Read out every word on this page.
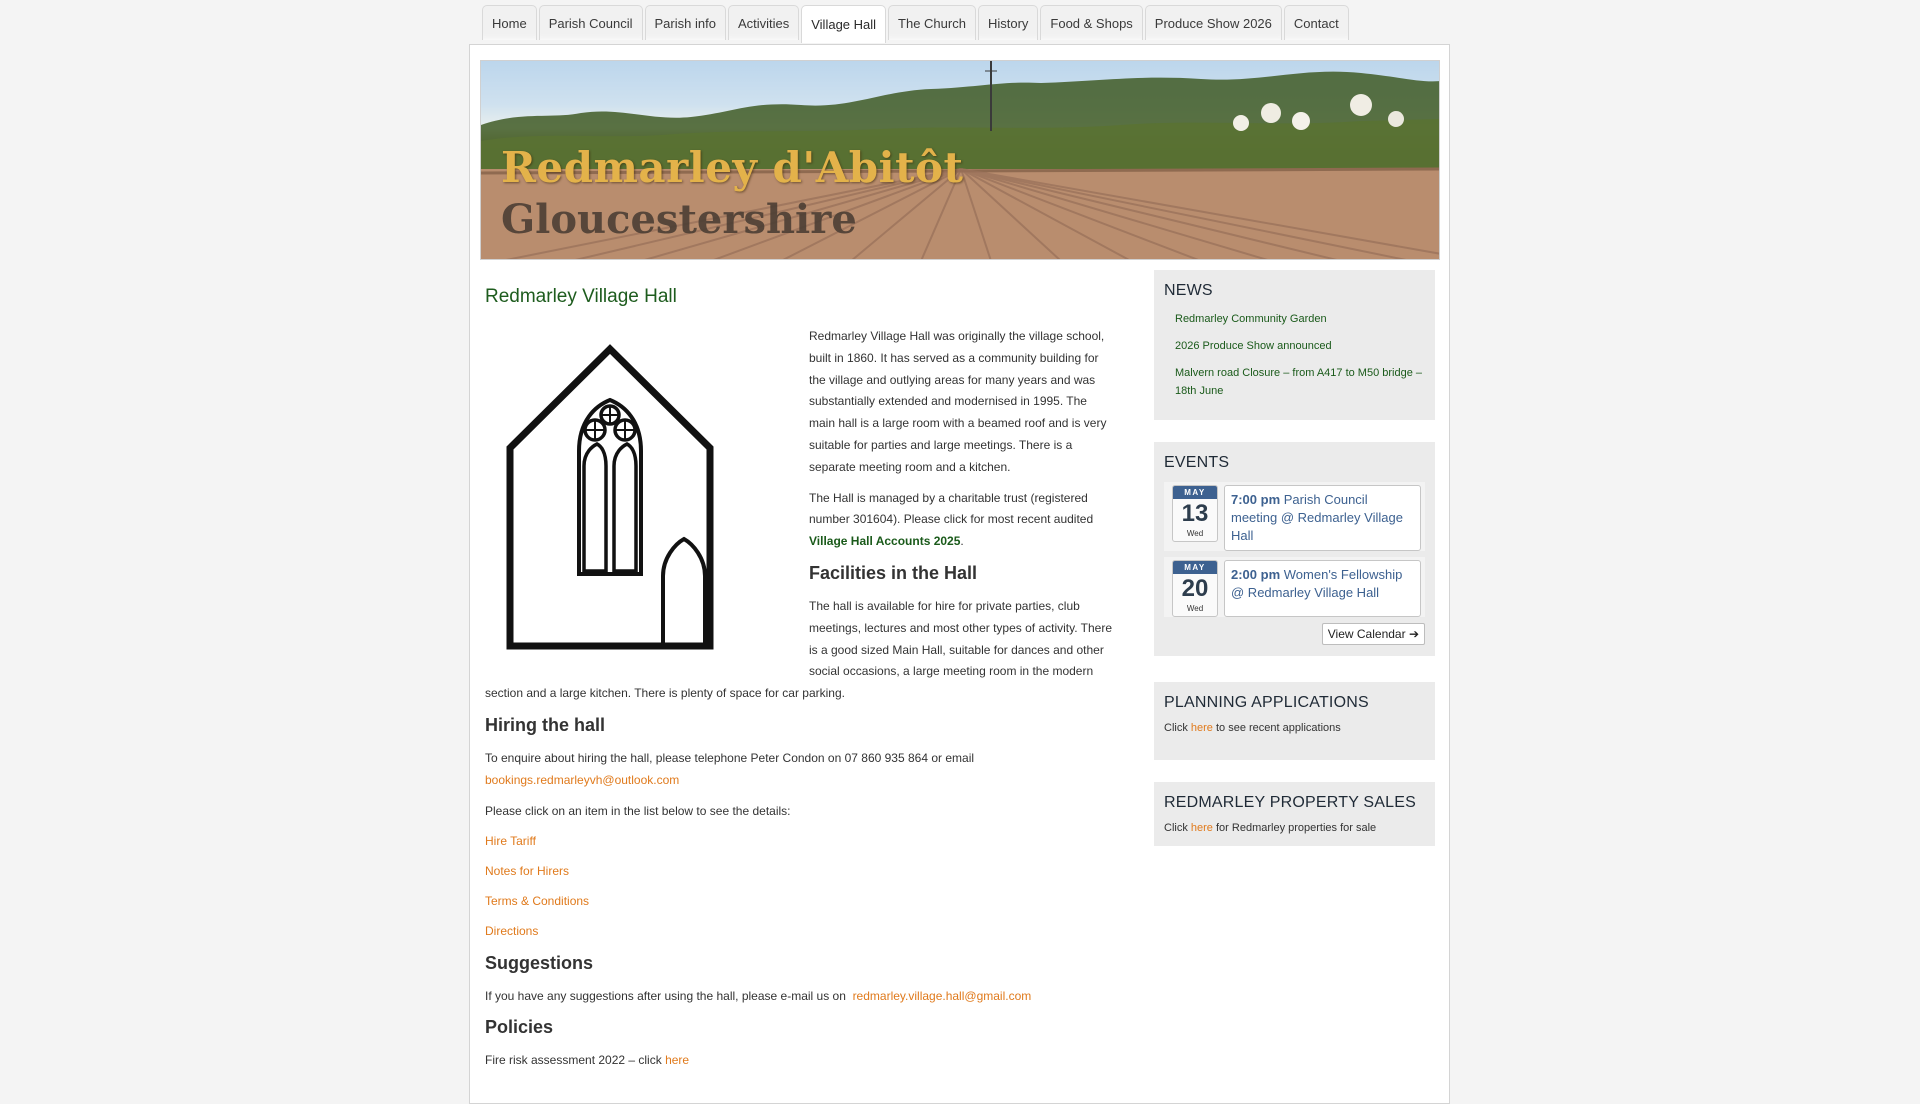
Home	Parish Council	Parish info	Activities	Village Hall	The Church	History	Food & Shops	Produce Show 2026	Contact
Redmarley d'Abitôt
Gloucestershire
Redmarley Village Hall

Redmarley Village Hall was originally the village school, built in 1860. It has served as a community building for the village and outlying areas for many years and was substantially extended and modernised in 1995. The main hall is a large room with a beamed roof and is very suitable for parties and large meetings. There is a separate meeting room and a kitchen.

The Hall is managed by a charitable trust (registered number 301604). Please click for most recent audited Village Hall Accounts 2025.

Facilities in the Hall

The hall is available for hire for private parties, club meetings, lectures and most other types of activity. There is a good sized Main Hall, suitable for dances and other social occasions, a large meeting room in the modern section and a large kitchen. There is plenty of space for car parking.

Hiring the hall

To enquire about hiring the hall, please telephone Peter Condon on 07 860 935 864 or email
bookings.redmarleyvh@outlook.com

Please click on an item in the list below to see the details:

Hire Tariff

Notes for Hirers

Terms & Conditions

Directions

Suggestions

If you have any suggestions after using the hall, please e-mail us on redmarley.village.hall@gmail.com

Policies

Fire risk assessment 2022 – click here

NEWS
Redmarley Community Garden
2026 Produce Show announced
Malvern road Closure – from A417 to M50 bridge – 18th June
EVENTS
MAY
13
Wed
7:00 pm Parish Council meeting @ Redmarley Village Hall
MAY
20
Wed
2:00 pm Women's Fellowship @ Redmarley Village Hall
View Calendar ➔
PLANNING APPLICATIONS
Click here to see recent applications
REDMARLEY PROPERTY SALES
Click here for Redmarley properties for sale
